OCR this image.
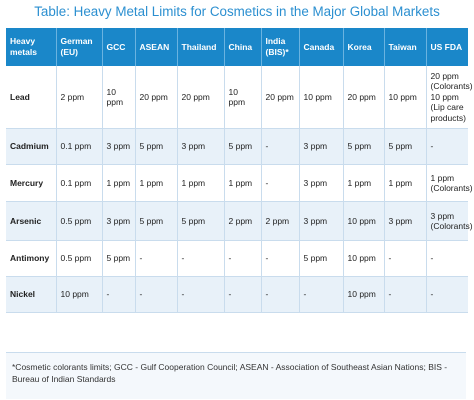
Table: Heavy Metal Limits for Cosmetics in the Major Global Markets
Heavy metals	German (EU)	GCC	ASEAN	Thailand	China	India (BIS)*	Canada	Korea	Taiwan	US FDA
Lead	2 ppm	10 ppm	20 ppm	20 ppm	10 ppm	20 ppm	10 ppm	20 ppm	10 ppm	20 ppm (Colorants) 10 ppm (Lip care products)
Cadmium	0.1 ppm	3 ppm	5 ppm	3 ppm	5 ppm	-	3 ppm	5 ppm	5 ppm	-
Mercury	0.1 ppm	1 ppm	1 ppm	1 ppm	1 ppm	-	3 ppm	1 ppm	1 ppm	1 ppm (Colorants)
Arsenic	0.5 ppm	3 ppm	5 ppm	5 ppm	2 ppm	2 ppm	3 ppm	10 ppm	3 ppm	3 ppm (Colorants)
Antimony	0.5 ppm	5 ppm	-	-	-	-	5 ppm	10 ppm	-	-
Nickel	10 ppm	-	-	-	-	-	-	10 ppm	-	-
*Cosmetic colorants limits; GCC - Gulf Cooperation Council; ASEAN - Association of Southeast Asian Nations; BIS - Bureau of Indian Standards
